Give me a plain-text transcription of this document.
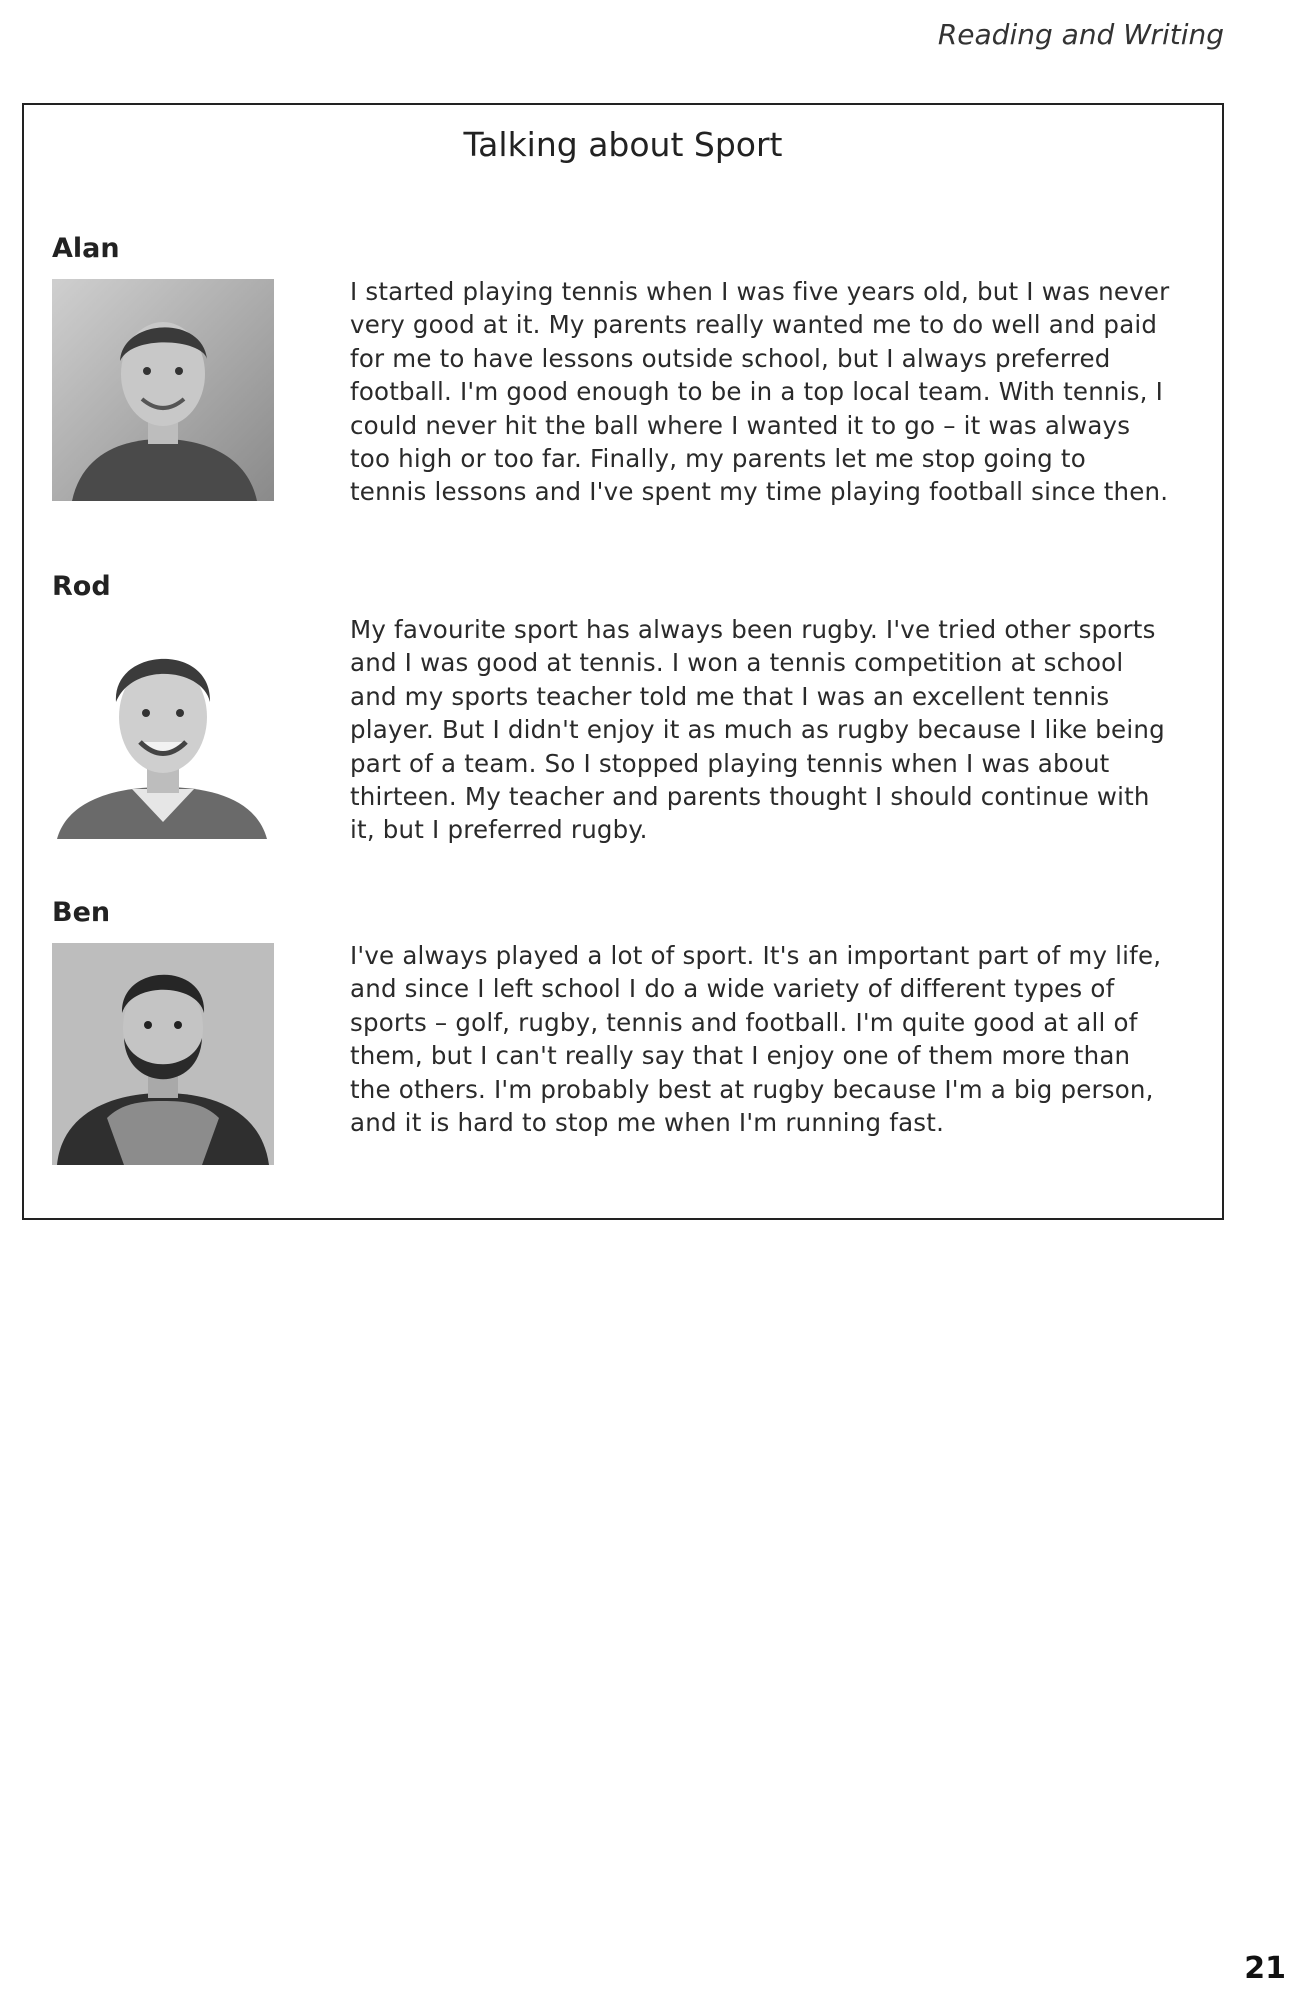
Reading and Writing
Talking about Sport
Alan
I started playing tennis when I was five years old, but I was never very good at it. My parents really wanted me to do well and paid for me to have lessons outside school, but I always preferred football. I'm good enough to be in a top local team. With tennis, I could never hit the ball where I wanted it to go – it was always too high or too far. Finally, my parents let me stop going to tennis lessons and I've spent my time playing football since then.
Rod
My favourite sport has always been rugby. I've tried other sports and I was good at tennis. I won a tennis competition at school and my sports teacher told me that I was an excellent tennis player. But I didn't enjoy it as much as rugby because I like being part of a team. So I stopped playing tennis when I was about thirteen. My teacher and parents thought I should continue with it, but I preferred rugby.
Ben
I've always played a lot of sport. It's an important part of my life, and since I left school I do a wide variety of different types of sports – golf, rugby, tennis and football. I'm quite good at all of them, but I can't really say that I enjoy one of them more than the others. I'm probably best at rugby because I'm a big person, and it is hard to stop me when I'm running fast.
21
